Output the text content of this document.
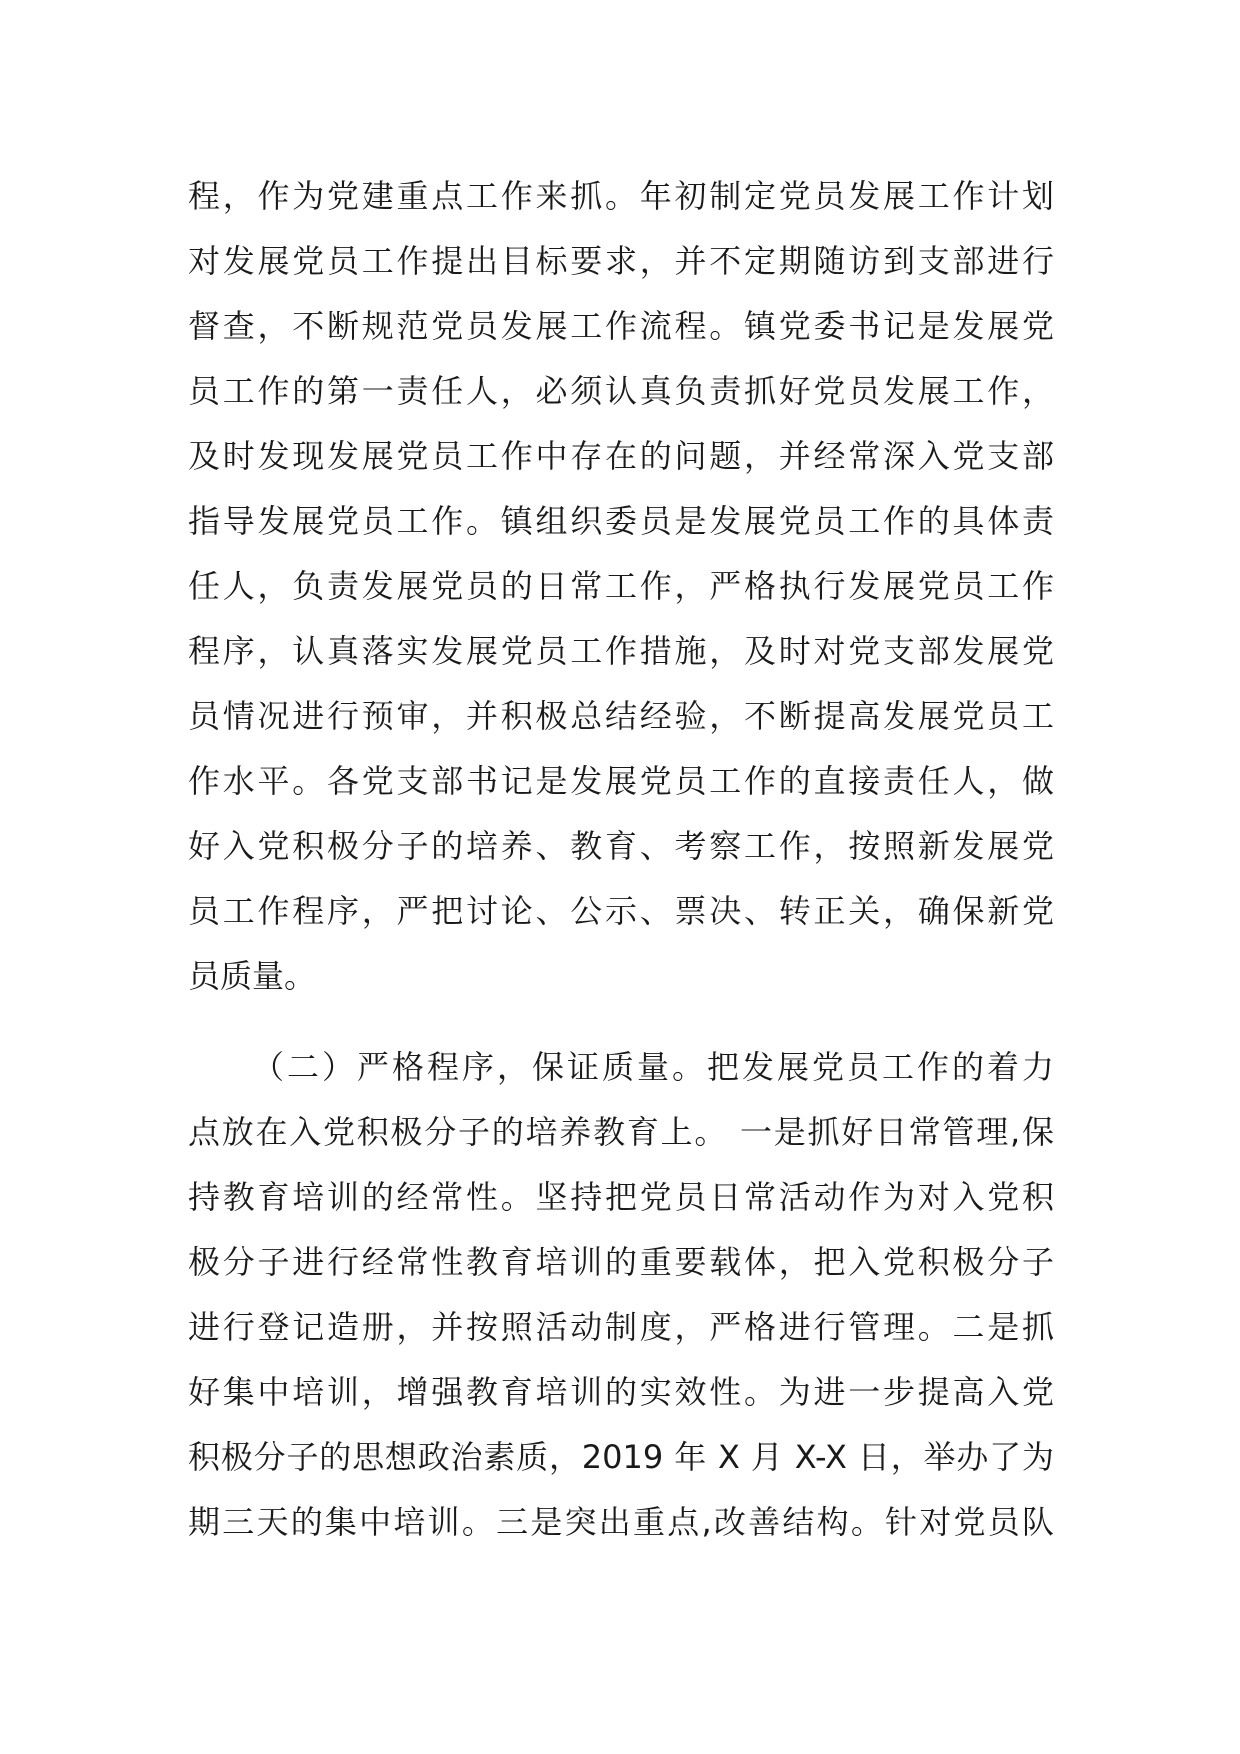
程，作为党建重点工作来抓。年初制定党员发展工作计划
对发展党员工作提出目标要求，并不定期随访到支部进行
督查，不断规范党员发展工作流程。镇党委书记是发展党
员工作的第一责任人，必须认真负责抓好党员发展工作，
及时发现发展党员工作中存在的问题，并经常深入党支部
指导发展党员工作。镇组织委员是发展党员工作的具体责
任人，负责发展党员的日常工作，严格执行发展党员工作
程序，认真落实发展党员工作措施，及时对党支部发展党
员情况进行预审，并积极总结经验，不断提高发展党员工
作水平。各党支部书记是发展党员工作的直接责任人，做
好入党积极分子的培养、教育、考察工作，按照新发展党
员工作程序，严把讨论、公示、票决、转正关，确保新党
员质量。
（二）严格程序，保证质量。把发展党员工作的着力
点放在入党积极分子的培养教育上。 一是抓好日常管理,保
持教育培训的经常性。坚持把党员日常活动作为对入党积
极分子进行经常性教育培训的重要载体，把入党积极分子
进行登记造册，并按照活动制度，严格进行管理。二是抓
好集中培训，增强教育培训的实效性。为进一步提高入党
积极分子的思想政治素质，2019 年 X 月 X-X 日，举办了为
期三天的集中培训。三是突出重点,改善结构。针对党员队
